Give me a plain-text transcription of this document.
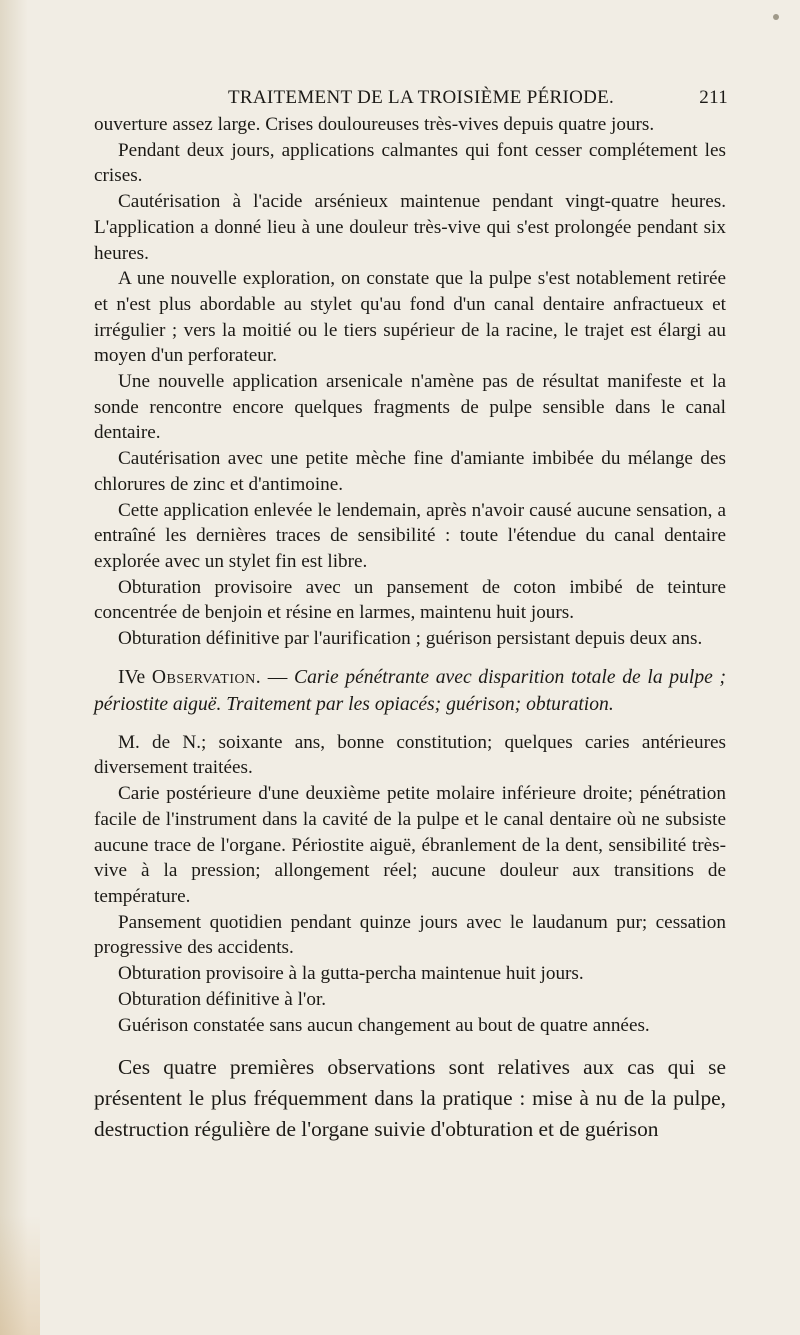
TRAITEMENT DE LA TROISIÈME PÉRIODE.	211

ouverture assez large. Crises douloureuses très-vives depuis quatre jours.

Pendant deux jours, applications calmantes qui font cesser complétement les crises.

Cautérisation à l'acide arsénieux maintenue pendant vingt-quatre heures. L'application a donné lieu à une douleur très-vive qui s'est prolongée pendant six heures.

A une nouvelle exploration, on constate que la pulpe s'est notablement retirée et n'est plus abordable au stylet qu'au fond d'un canal dentaire anfractueux et irrégulier ; vers la moitié ou le tiers supérieur de la racine, le trajet est élargi au moyen d'un perforateur.

Une nouvelle application arsenicale n'amène pas de résultat manifeste et la sonde rencontre encore quelques fragments de pulpe sensible dans le canal dentaire.

Cautérisation avec une petite mèche fine d'amiante imbibée du mélange des chlorures de zinc et d'antimoine.

Cette application enlevée le lendemain, après n'avoir causé aucune sensation, a entraîné les dernières traces de sensibilité : toute l'étendue du canal dentaire explorée avec un stylet fin est libre.

Obturation provisoire avec un pansement de coton imbibé de teinture concentrée de benjoin et résine en larmes, maintenu huit jours.

Obturation définitive par l'aurification ; guérison persistant depuis deux ans.

IVe Observation. — Carie pénétrante avec disparition totale de la pulpe ; périostite aiguë. Traitement par les opiacés; guérison; obturation.

M. de N.; soixante ans, bonne constitution; quelques caries antérieures diversement traitées.

Carie postérieure d'une deuxième petite molaire inférieure droite; pénétration facile de l'instrument dans la cavité de la pulpe et le canal dentaire où ne subsiste aucune trace de l'organe. Périostite aiguë, ébranlement de la dent, sensibilité très-vive à la pression; allongement réel; aucune douleur aux transitions de température.

Pansement quotidien pendant quinze jours avec le laudanum pur; cessation progressive des accidents.

Obturation provisoire à la gutta-percha maintenue huit jours.

Obturation définitive à l'or.

Guérison constatée sans aucun changement au bout de quatre années.

Ces quatre premières observations sont relatives aux cas qui se présentent le plus fréquemment dans la pratique : mise à nu de la pulpe, destruction régulière de l'organe suivie d'obturation et de guérison
